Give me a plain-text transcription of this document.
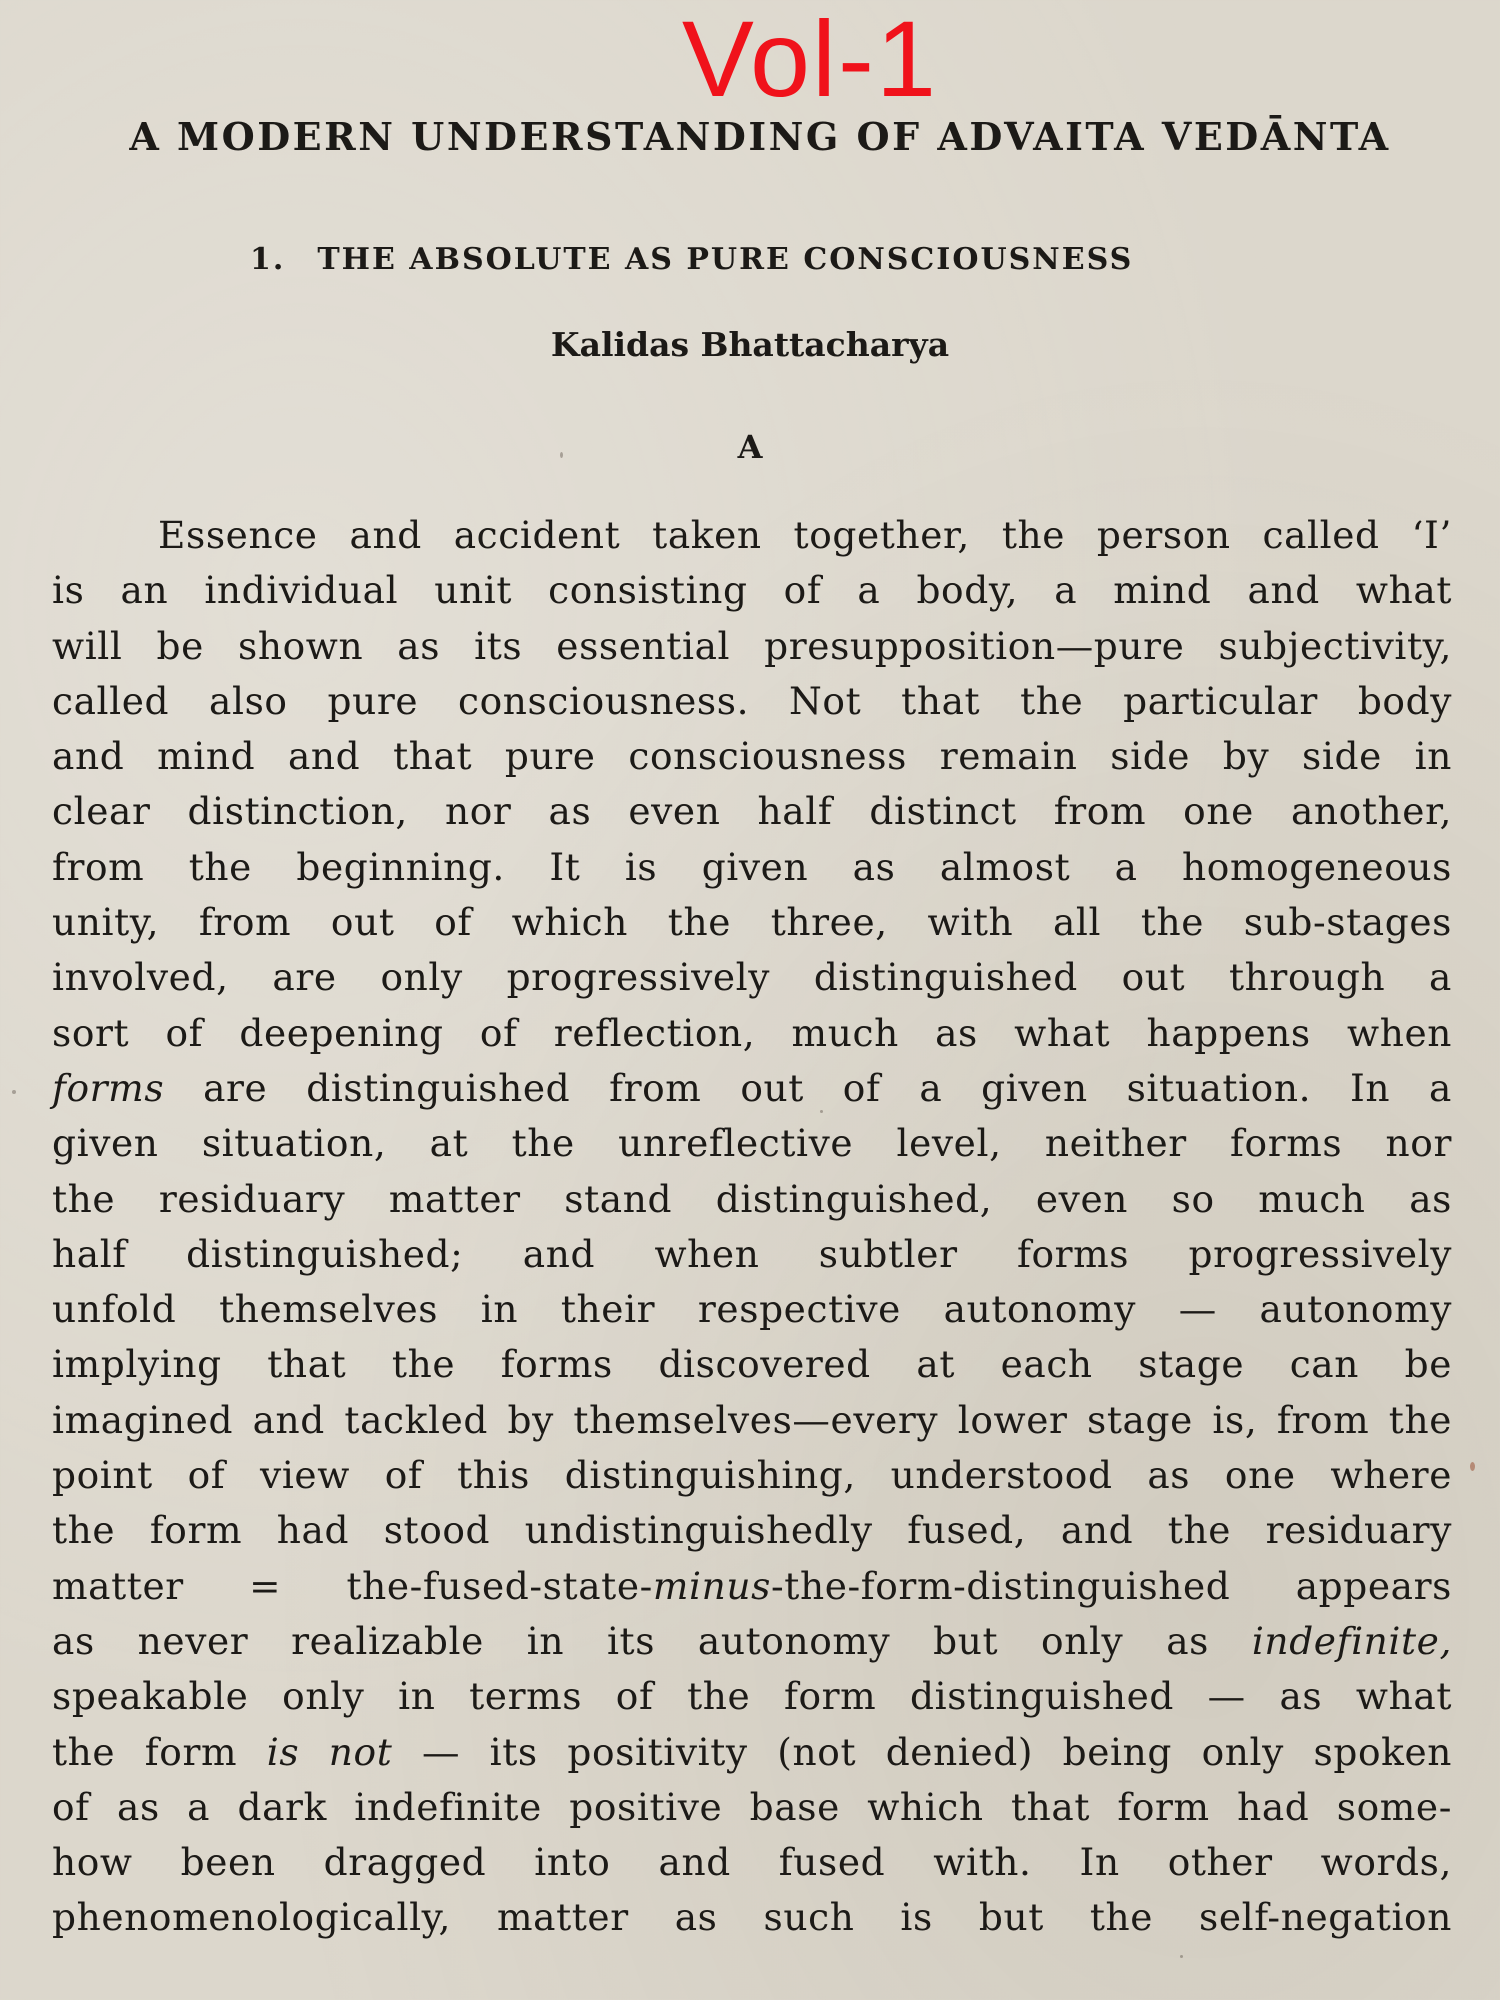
Vol-1
A MODERN UNDERSTANDING OF ADVAITA VEDĀNTA
1. THE ABSOLUTE AS PURE CONSCIOUSNESS
Kalidas Bhattacharya
A
Essence and accident taken together, the person called ‘I’
is an individual unit consisting of a body, a mind and what
will be shown as its essential presupposition—pure subjectivity,
called also pure consciousness. Not that the particular body
and mind and that pure consciousness remain side by side in
clear distinction, nor as even half distinct from one another,
from the beginning. It is given as almost a homogeneous
unity, from out of which the three, with all the sub-stages
involved, are only progressively distinguished out through a
sort of deepening of reflection, much as what happens when
forms are distinguished from out of a given situation. In a
given situation, at the unreflective level, neither forms nor
the residuary matter stand distinguished, even so much as
half distinguished; and when subtler forms progressively
unfold themselves in their respective autonomy — autonomy
implying that the forms discovered at each stage can be
imagined and tackled by themselves—every lower stage is, from the
point of view of this distinguishing, understood as one where
the form had stood undistinguishedly fused, and the residuary
matter = the-fused-state-minus-the-form-distinguished appears
as never realizable in its autonomy but only as indefinite,
speakable only in terms of the form distinguished — as what
the form is not — its positivity (not denied) being only spoken
of as a dark indefinite positive base which that form had some-
how been dragged into and fused with. In other words,
phenomenologically, matter as such is but the self-negation
